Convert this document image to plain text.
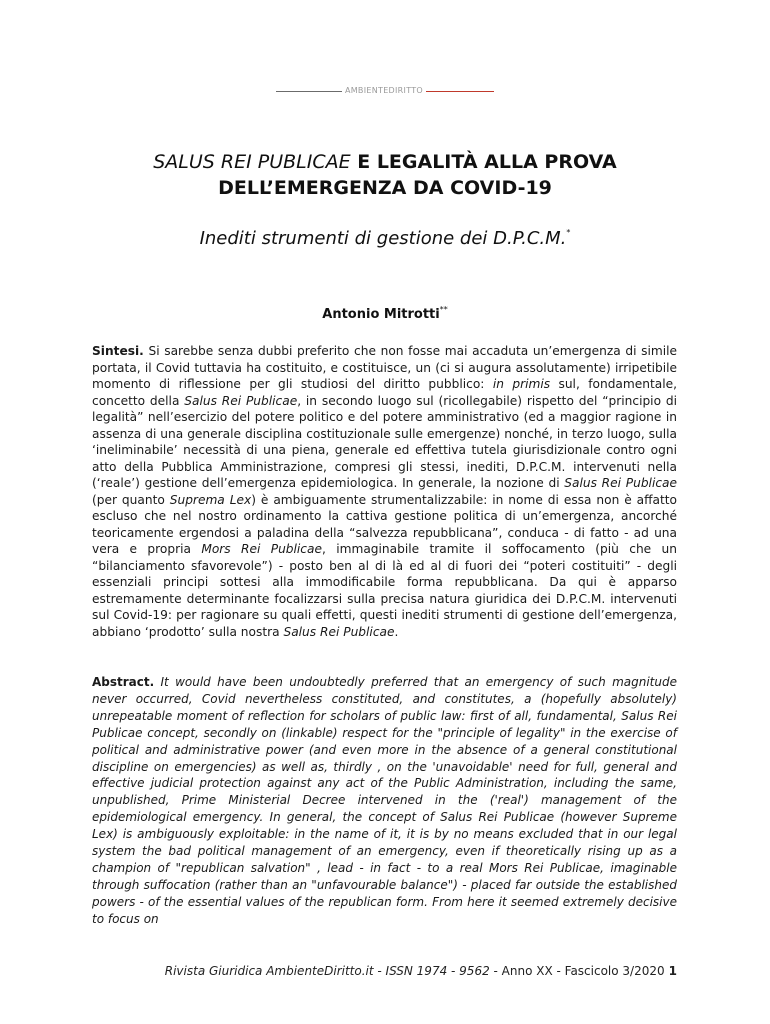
AMBIENTEDIRITTO
SALUS REI PUBLICAE E LEGALITÀ ALLA PROVA
DELL’EMERGENZA DA COVID-19
Inediti strumenti di gestione dei D.P.C.M.*
Antonio Mitrotti**
Sintesi. Si sarebbe senza dubbi preferito che non fosse mai accaduta un’emergenza di simile portata, il Covid tuttavia ha costituito, e costituisce, un (ci si augura assolutamente) irripetibile momento di riflessione per gli studiosi del diritto pubblico: in primis sul, fondamentale, concetto della Salus Rei Publicae, in secondo luogo sul (ricollegabile) rispetto del “principio di legalità” nell’esercizio del potere politico e del potere amministrativo (ed a maggior ragione in assenza di una generale disciplina costituzionale sulle emergenze) nonché, in terzo luogo, sulla ‘ineliminabile’ necessità di una piena, generale ed effettiva tutela giurisdizionale contro ogni atto della Pubblica Amministrazione, compresi gli stessi, inediti, D.P.C.M. intervenuti nella (‘reale’) gestione dell’emergenza epidemiologica. In generale, la nozione di Salus Rei Publicae (per quanto Suprema Lex) è ambiguamente strumentalizzabile: in nome di essa non è affatto escluso che nel nostro ordinamento la cattiva gestione politica di un’emergenza, ancorché teoricamente ergendosi a paladina della “salvezza repubblicana”, conduca - di fatto - ad una vera e propria Mors Rei Publicae, immaginabile tramite il soffocamento (più che un “bilanciamento sfavorevole”) - posto ben al di là ed al di fuori dei “poteri costituiti” - degli essenziali principi sottesi alla immodificabile forma repubblicana. Da qui è apparso estremamente determinante focalizzarsi sulla precisa natura giuridica dei D.P.C.M. intervenuti sul Covid-19: per ragionare su quali effetti, questi inediti strumenti di gestione dell’emergenza, abbiano ‘prodotto’ sulla nostra Salus Rei Publicae.
Abstract. It would have been undoubtedly preferred that an emergency of such magnitude never occurred, Covid nevertheless constituted, and constitutes, a (hopefully absolutely) unrepeatable moment of reflection for scholars of public law: first of all, fundamental, Salus Rei Publicae concept, secondly on (linkable) respect for the "principle of legality" in the exercise of political and administrative power (and even more in the absence of a general constitutional discipline on emergencies) as well as, thirdly , on the 'unavoidable' need for full, general and effective judicial protection against any act of the Public Administration, including the same, unpublished, Prime Ministerial Decree intervened in the ('real') management of the epidemiological emergency. In general, the concept of Salus Rei Publicae (however Supreme Lex) is ambiguously exploitable: in the name of it, it is by no means excluded that in our legal system the bad political management of an emergency, even if theoretically rising up as a champion of "republican salvation" , lead - in fact - to a real Mors Rei Publicae, imaginable through suffocation (rather than an "unfavourable balance") - placed far outside the established powers - of the essential values of the republican form. From here it seemed extremely decisive to focus on
Rivista Giuridica AmbienteDiritto.it - ISSN 1974 - 9562 - Anno XX - Fascicolo 3/2020 1
